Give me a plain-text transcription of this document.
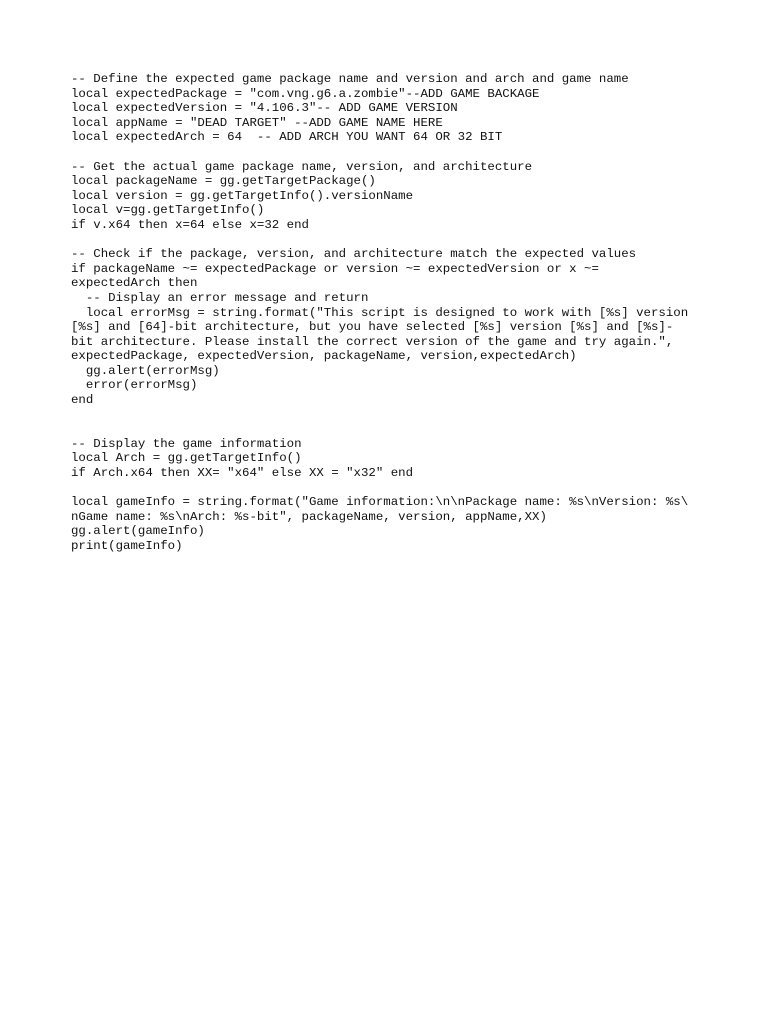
-- Define the expected game package name and version and arch and game name
local expectedPackage = "com.vng.g6.a.zombie"--ADD GAME BACKAGE
local expectedVersion = "4.106.3"-- ADD GAME VERSION
local appName = "DEAD TARGET" --ADD GAME NAME HERE
local expectedArch = 64  -- ADD ARCH YOU WANT 64 OR 32 BIT
-- Get the actual game package name, version, and architecture
local packageName = gg.getTargetPackage()
local version = gg.getTargetInfo().versionName
local v=gg.getTargetInfo()
if v.x64 then x=64 else x=32 end
-- Check if the package, version, and architecture match the expected values
if packageName ~= expectedPackage or version ~= expectedVersion or x ~=
expectedArch then
-- Display an error message and return
local errorMsg = string.format("This script is designed to work with [%s] version
[%s] and [64]-bit architecture, but you have selected [%s] version [%s] and [%s]-
bit architecture. Please install the correct version of the game and try again.",
expectedPackage, expectedVersion, packageName, version,expectedArch)
gg.alert(errorMsg)
error(errorMsg)
end
-- Display the game information
local Arch = gg.getTargetInfo()
if Arch.x64 then XX= "x64" else XX = "x32" end
local gameInfo = string.format("Game information:\n\nPackage name: %s\nVersion: %s\
nGame name: %s\nArch: %s-bit", packageName, version, appName,XX)
gg.alert(gameInfo)
print(gameInfo)
